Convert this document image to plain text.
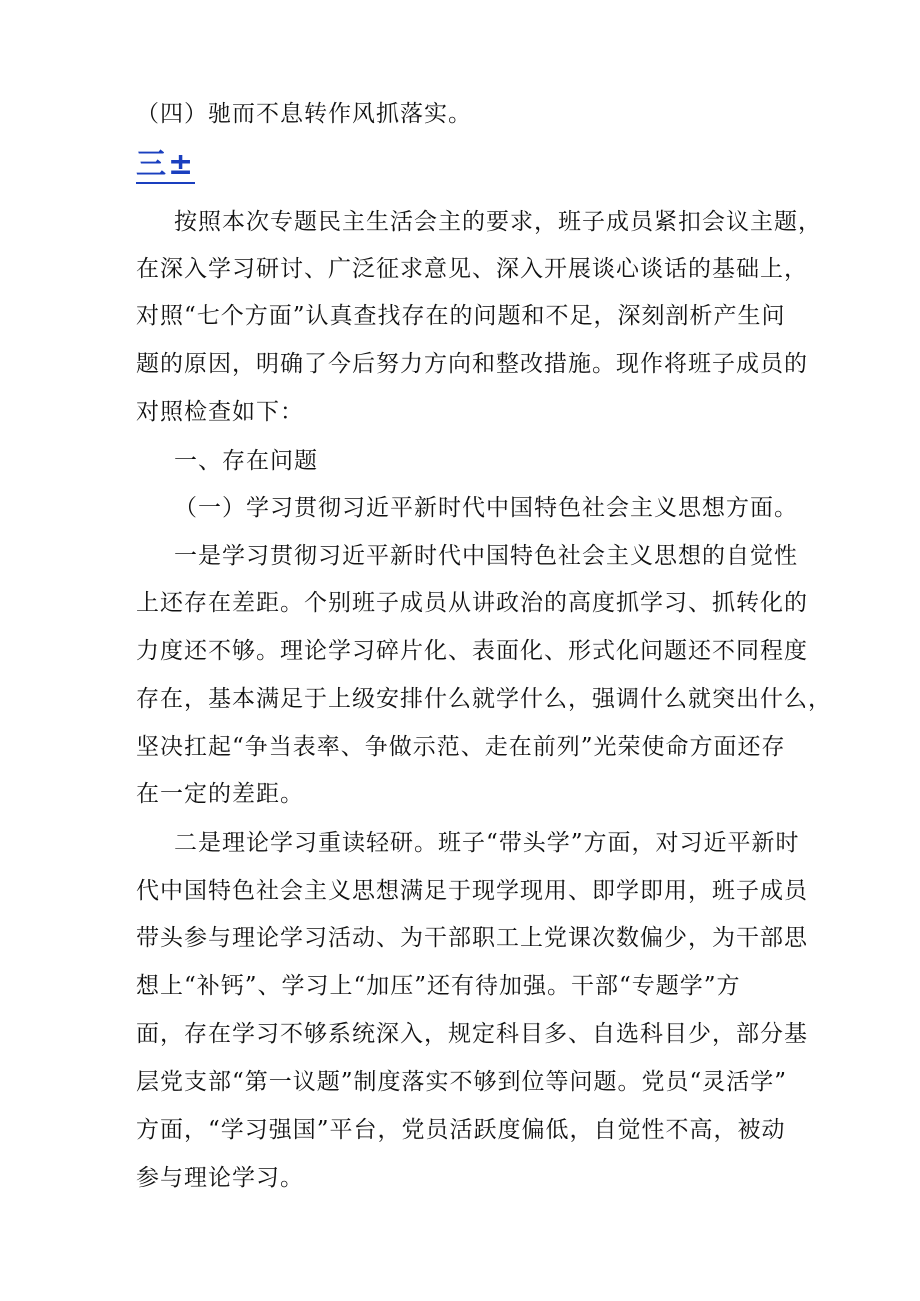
（四）驰而不息转作风抓落实。
三±
按照本次专题民主生活会主的要求，班子成员紧扣会议主题，
在深入学习研讨、广泛征求意见、深入开展谈心谈话的基础上，
对照“七个方面”认真查找存在的问题和不足，深刻剖析产生问
题的原因，明确了今后努力方向和整改措施。现作将班子成员的
对照检查如下：
一、存在问题
（一）学习贯彻习近平新时代中国特色社会主义思想方面。
一是学习贯彻习近平新时代中国特色社会主义思想的自觉性
上还存在差距。个别班子成员从讲政治的高度抓学习、抓转化的
力度还不够。理论学习碎片化、表面化、形式化问题还不同程度
存在，基本满足于上级安排什么就学什么，强调什么就突出什么，
坚决扛起“争当表率、争做示范、走在前列”光荣使命方面还存
在一定的差距。
二是理论学习重读轻研。班子“带头学”方面，对习近平新时
代中国特色社会主义思想满足于现学现用、即学即用，班子成员
带头参与理论学习活动、为干部职工上党课次数偏少，为干部思
想上“补钙”、学习上“加压”还有待加强。干部“专题学”方
面，存在学习不够系统深入，规定科目多、自选科目少，部分基
层党支部“第一议题”制度落实不够到位等问题。党员“灵活学”
方面，“学习强国”平台，党员活跃度偏低，自觉性不高，被动
参与理论学习。
